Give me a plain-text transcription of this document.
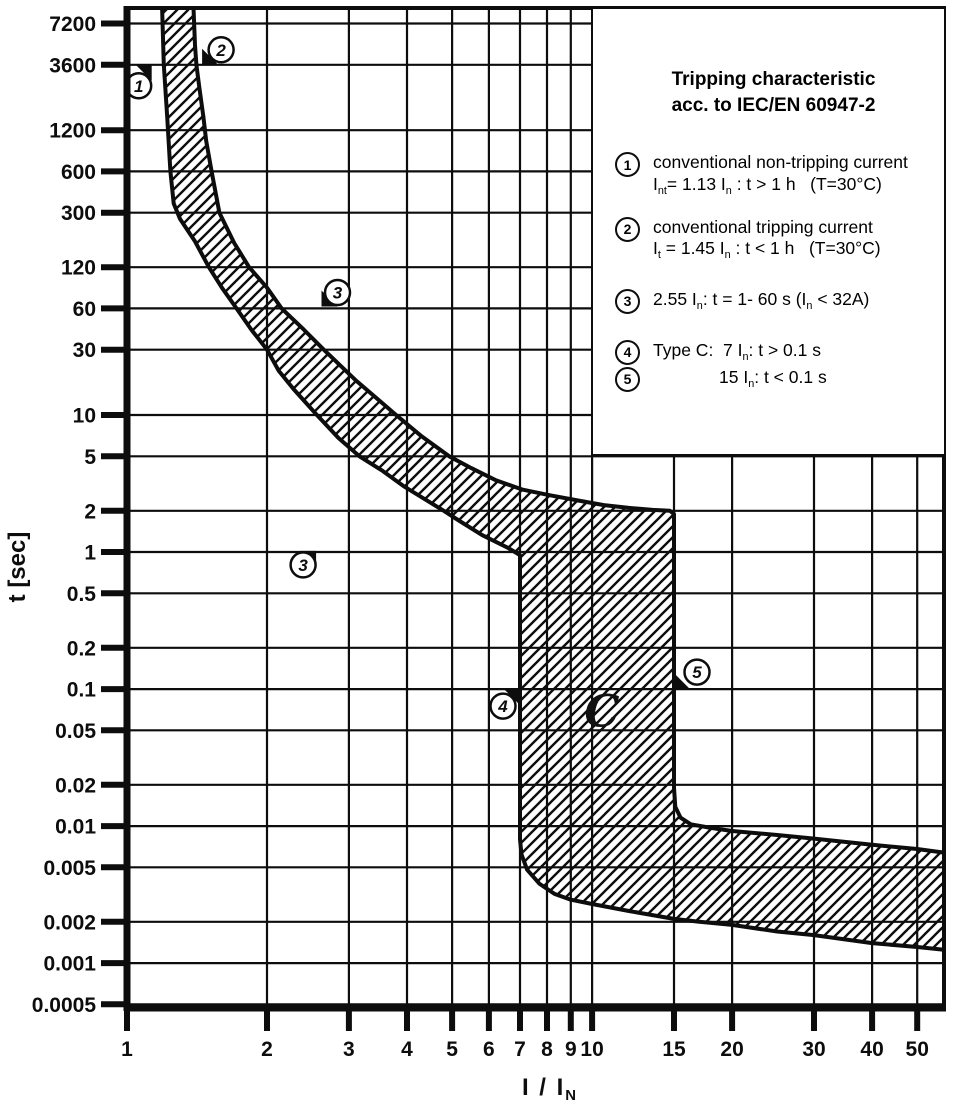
C
1
2
3
3
4
5
7200
3600
1200
600
300
120
60
30
10
5
2
1
0.5
0.2
0.1
0.05
0.02
0.01
0.005
0.002
0.001
0.0005
1	2	3 4 5 6 7 8 9 10	15 20	30 40 50
Tripping characteristic
acc. to IEC/EN 60947-2
1	conventional non-tripping current
$I_{nt}= 1.13$ $I_n$ : t > 1 h   (T=30°C)
2	conventional tripping current
$I_t = 1.45$ $I_n$ : t < 1 h   (T=30°C)
3	2.55 $I_n$: t = 1- 60 s $(I_n < 32A)$
4	Type C:  7 $I_n$: t > 0.1 s
5	15 $I_n$: t < 0.1 s
t [sec]
I / $I_N$
